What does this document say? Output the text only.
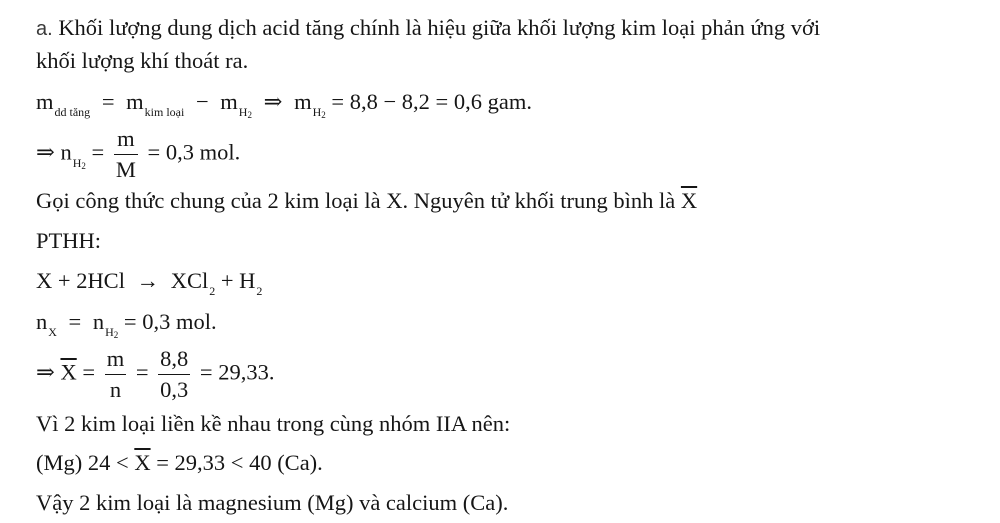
a. Khối lượng dung dịch acid tăng chính là hiệu giữa khối lượng kim loại phản ứng với
khối lượng khí thoát ra.
$m_{dd tăng} = m_{kim loại} - m_{H2}$ ⇒ $m_{H2} = 8,8 - 8,2 = 0,6$ gam.
⇒ $n_{H2} = \frac{m}{M} = 0,3$ mol.
Gọi công thức chung của 2 kim loại là X. Nguyên tử khối trung bình là $\overline{X}$
PTHH:
$X + 2HCl \to XCl_2 + H_2$
$n_X = n_{H2} = 0,3$ mol.
⇒ $\overline{X} = \frac{m}{n} = \frac{8,8}{0,3} = 29,33$.
Vì 2 kim loại liền kề nhau trong cùng nhóm IIA nên:
(Mg) $24 < \overline{X} = 29,33 < 40$ (Ca).
Vậy 2 kim loại là magnesium (Mg) và calcium (Ca).
